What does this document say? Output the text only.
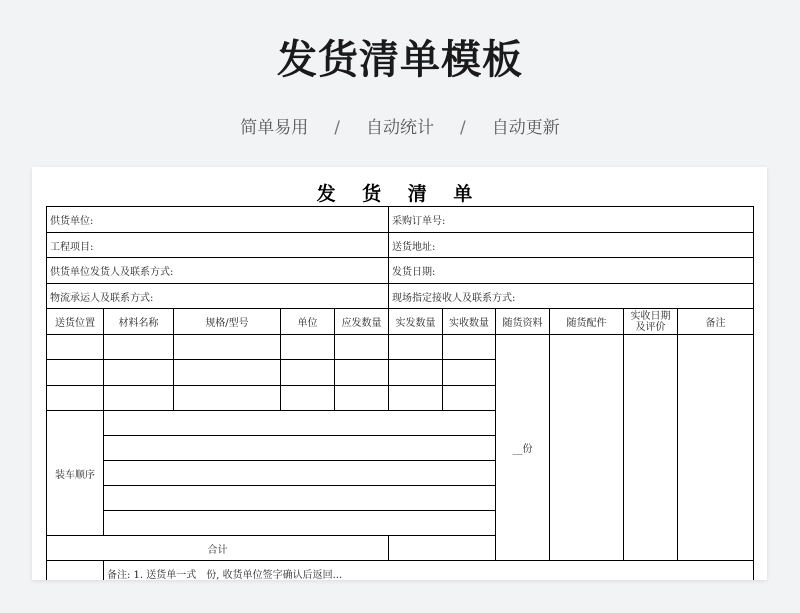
发货清单模板
简单易用 / 自动统计 / 自动更新
发 货 清 单
供货单位:					采购订单号:					
工程项目:					送货地址:					
供货单位发货人及联系方式:					发货日期:					
物流承运人及联系方式:					现场指定接收人及联系方式:					
送货位置	材料名称	规格/型号	单位	应发数量	实发数量	实收数量	随货资料	随货配件	实收日期及评价	备注
							__份			

装车顺序										

合计										
	备注: 1. 送货单一式__份, 收货单位签字确认后返回...									
